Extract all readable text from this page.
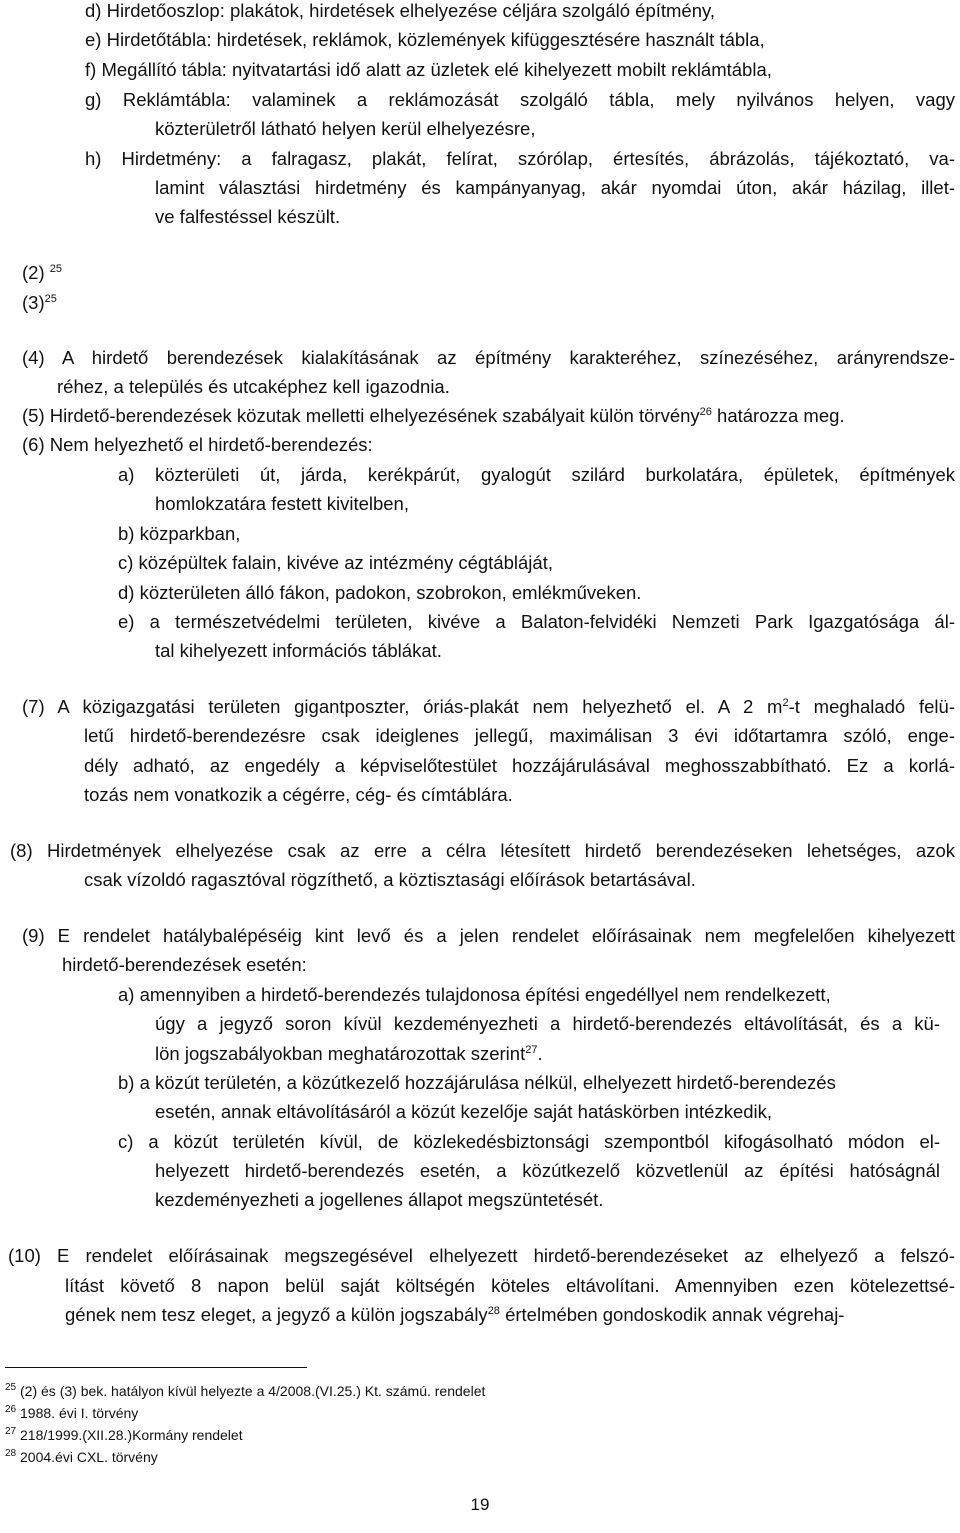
d) Hirdetőoszlop: plakátok, hirdetések elhelyezése céljára szolgáló építmény,
e) Hirdetőtábla: hirdetések, reklámok, közlemények kifüggesztésére használt tábla,
f) Megállító tábla: nyitvatartási idő alatt az üzletek elé kihelyezett mobilt reklámtábla,
g) Reklámtábla: valaminek a reklámozását szolgáló tábla, mely nyilvános helyen, vagy
közterületről látható helyen kerül elhelyezésre,
h) Hirdetmény: a falragasz, plakát, felírat, szórólap, értesítés, ábrázolás, tájékoztató, va-
lamint választási hirdetmény és kampányanyag, akár nyomdai úton, akár házilag, illet-
ve falfestéssel készült.
(2) $^{25}$
$(3)^{25}$
(4) A hirdető berendezések kialakításának az építmény karakteréhez, színezéséhez, arányrendsze-
réhez, a település és utcaképhez kell igazodnia.
(5) Hirdető-berendezések közutak melletti elhelyezésének szabályait külön törvény$^{26}$ határozza meg.
(6) Nem helyezhető el hirdető-berendezés:
a) közterületi út, járda, kerékpárút, gyalogút szilárd burkolatára, épületek, építmények
homlokzatára festett kivitelben,
b) közparkban,
c) középültek falain, kivéve az intézmény cégtábláját,
d) közterületen álló fákon, padokon, szobrokon, emlékműveken.
e) a természetvédelmi területen, kivéve a Balaton-felvidéki Nemzeti Park Igazgatósága ál-
tal kihelyezett információs táblákat.
(7) A közigazgatási területen gigantposzter, óriás-plakát nem helyezhető el. A 2 $m^2-t$ meghaladó felü-
letű hirdető-berendezésre csak ideiglenes jellegű, maximálisan 3 évi időtartamra szóló, enge-
dély adható, az engedély a képviselőtestület hozzájárulásával meghosszabbítható. Ez a korlá-
tozás nem vonatkozik a cégérre, cég- és címtáblára.
(8) Hirdetmények elhelyezése csak az erre a célra létesített hirdető berendezéseken lehetséges, azok
csak vízoldó ragasztóval rögzíthető, a köztisztasági előírások betartásával.
(9) E rendelet hatálybalépéséig kint levő és a jelen rendelet előírásainak nem megfelelően kihelyezett
hirdető-berendezések esetén:
a) amennyiben a hirdető-berendezés tulajdonosa építési engedéllyel nem rendelkezett,
úgy a jegyző soron kívül kezdeményezheti a hirdető-berendezés eltávolítását, és a kü-
lön jogszabályokban meghatározottak szerint$^{27}$.
b) a közút területén, a közútkezelő hozzájárulása nélkül, elhelyezett hirdető-berendezés
esetén, annak eltávolításáról a közút kezelője saját hatáskörben intézkedik,
c) a közút területén kívül, de közlekedésbiztonsági szempontból kifogásolható módon el-
helyezett hirdető-berendezés esetén, a közútkezelő közvetlenül az építési hatóságnál
kezdeményezheti a jogellenes állapot megszüntetését.
(10) E rendelet előírásainak megszegésével elhelyezett hirdető-berendezéseket az elhelyező a felszó-
lítást követő 8 napon belül saját költségén köteles eltávolítani. Amennyiben ezen kötelezettsé-
gének nem tesz eleget, a jegyző a külön jogszabály$^{28}$ értelmében gondoskodik annak végrehaj-
$^{25}$ (2) és (3) bek. hatályon kívül helyezte a 4/2008.(VI.25.) Kt. számú. rendelet
$^{26}$ 1988. évi I. törvény
$^{27}$ 218/1999.(XII.28.)Kormány rendelet
$^{28}$ 2004.évi CXL. törvény
19
